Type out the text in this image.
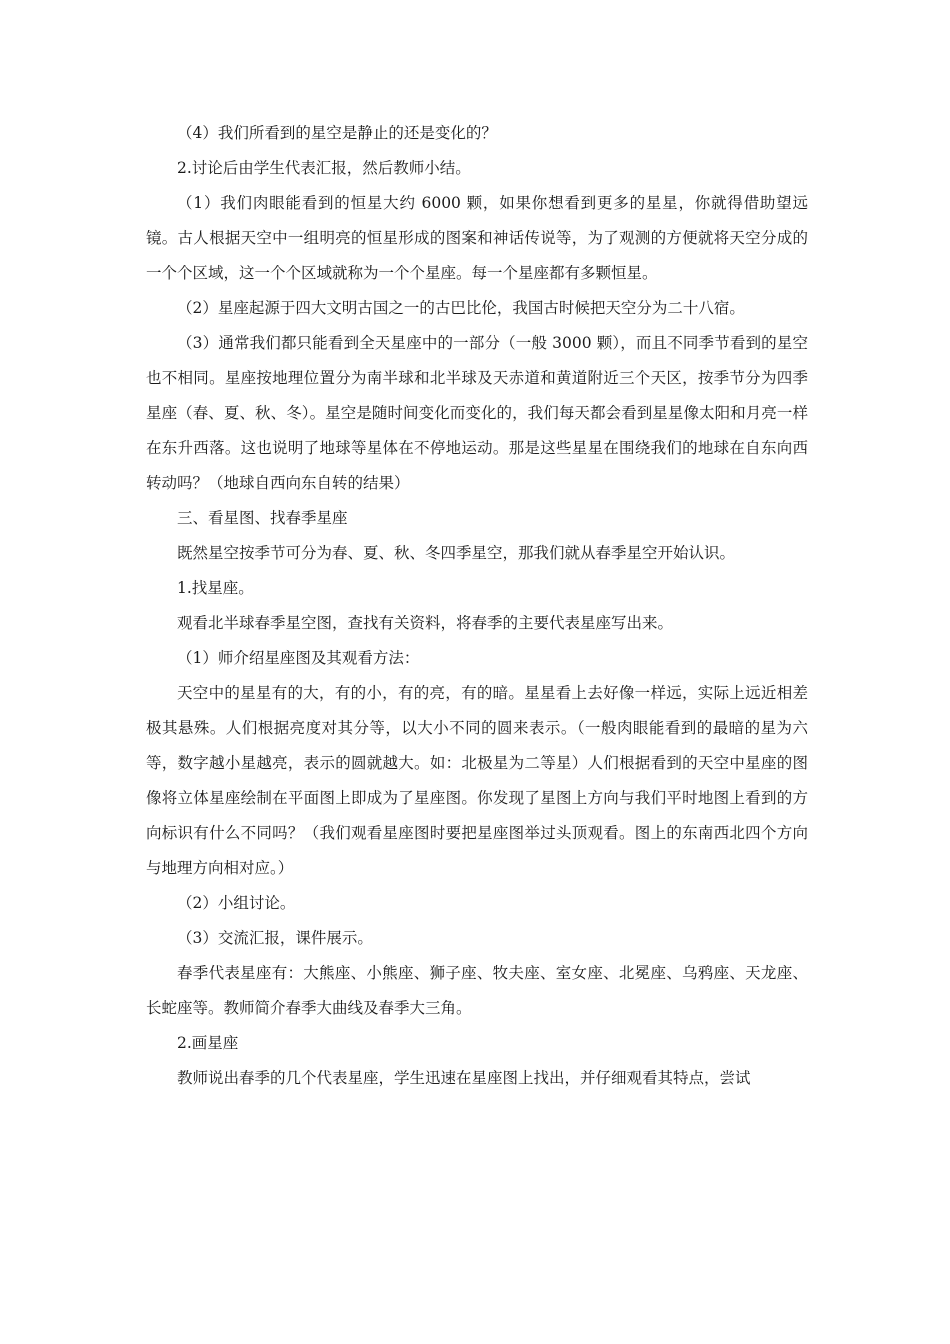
（4）我们所看到的星空是静止的还是变化的？

2.讨论后由学生代表汇报，然后教师小结。

（1）我们肉眼能看到的恒星大约 6000 颗，如果你想看到更多的星星，你就得借助望远镜。古人根据天空中一组明亮的恒星形成的图案和神话传说等，为了观测的方便就将天空分成的一个个区域，这一个个区域就称为一个个星座。每一个星座都有多颗恒星。

（2）星座起源于四大文明古国之一的古巴比伦，我国古时候把天空分为二十八宿。

（3）通常我们都只能看到全天星座中的一部分（一般 3000 颗），而且不同季节看到的星空也不相同。星座按地理位置分为南半球和北半球及天赤道和黄道附近三个天区，按季节分为四季星座（春、夏、秋、冬）。星空是随时间变化而变化的，我们每天都会看到星星像太阳和月亮一样在东升西落。这也说明了地球等星体在不停地运动。那是这些星星在围绕我们的地球在自东向西转动吗？（地球自西向东自转的结果）

三、看星图、找春季星座

既然星空按季节可分为春、夏、秋、冬四季星空，那我们就从春季星空开始认识。

1.找星座。

观看北半球春季星空图，查找有关资料，将春季的主要代表星座写出来。

（1）师介绍星座图及其观看方法：

天空中的星星有的大，有的小，有的亮，有的暗。星星看上去好像一样远，实际上远近相差极其悬殊。人们根据亮度对其分等，以大小不同的圆来表示。（一般肉眼能看到的最暗的星为六等，数字越小星越亮，表示的圆就越大。如：北极星为二等星）人们根据看到的天空中星座的图像将立体星座绘制在平面图上即成为了星座图。你发现了星图上方向与我们平时地图上看到的方向标识有什么不同吗？（我们观看星座图时要把星座图举过头顶观看。图上的东南西北四个方向与地理方向相对应。）

（2）小组讨论。

（3）交流汇报，课件展示。

春季代表星座有：大熊座、小熊座、狮子座、牧夫座、室女座、北冕座、乌鸦座、天龙座、长蛇座等。教师简介春季大曲线及春季大三角。

2.画星座

教师说出春季的几个代表星座，学生迅速在星座图上找出，并仔细观看其特点，尝试
